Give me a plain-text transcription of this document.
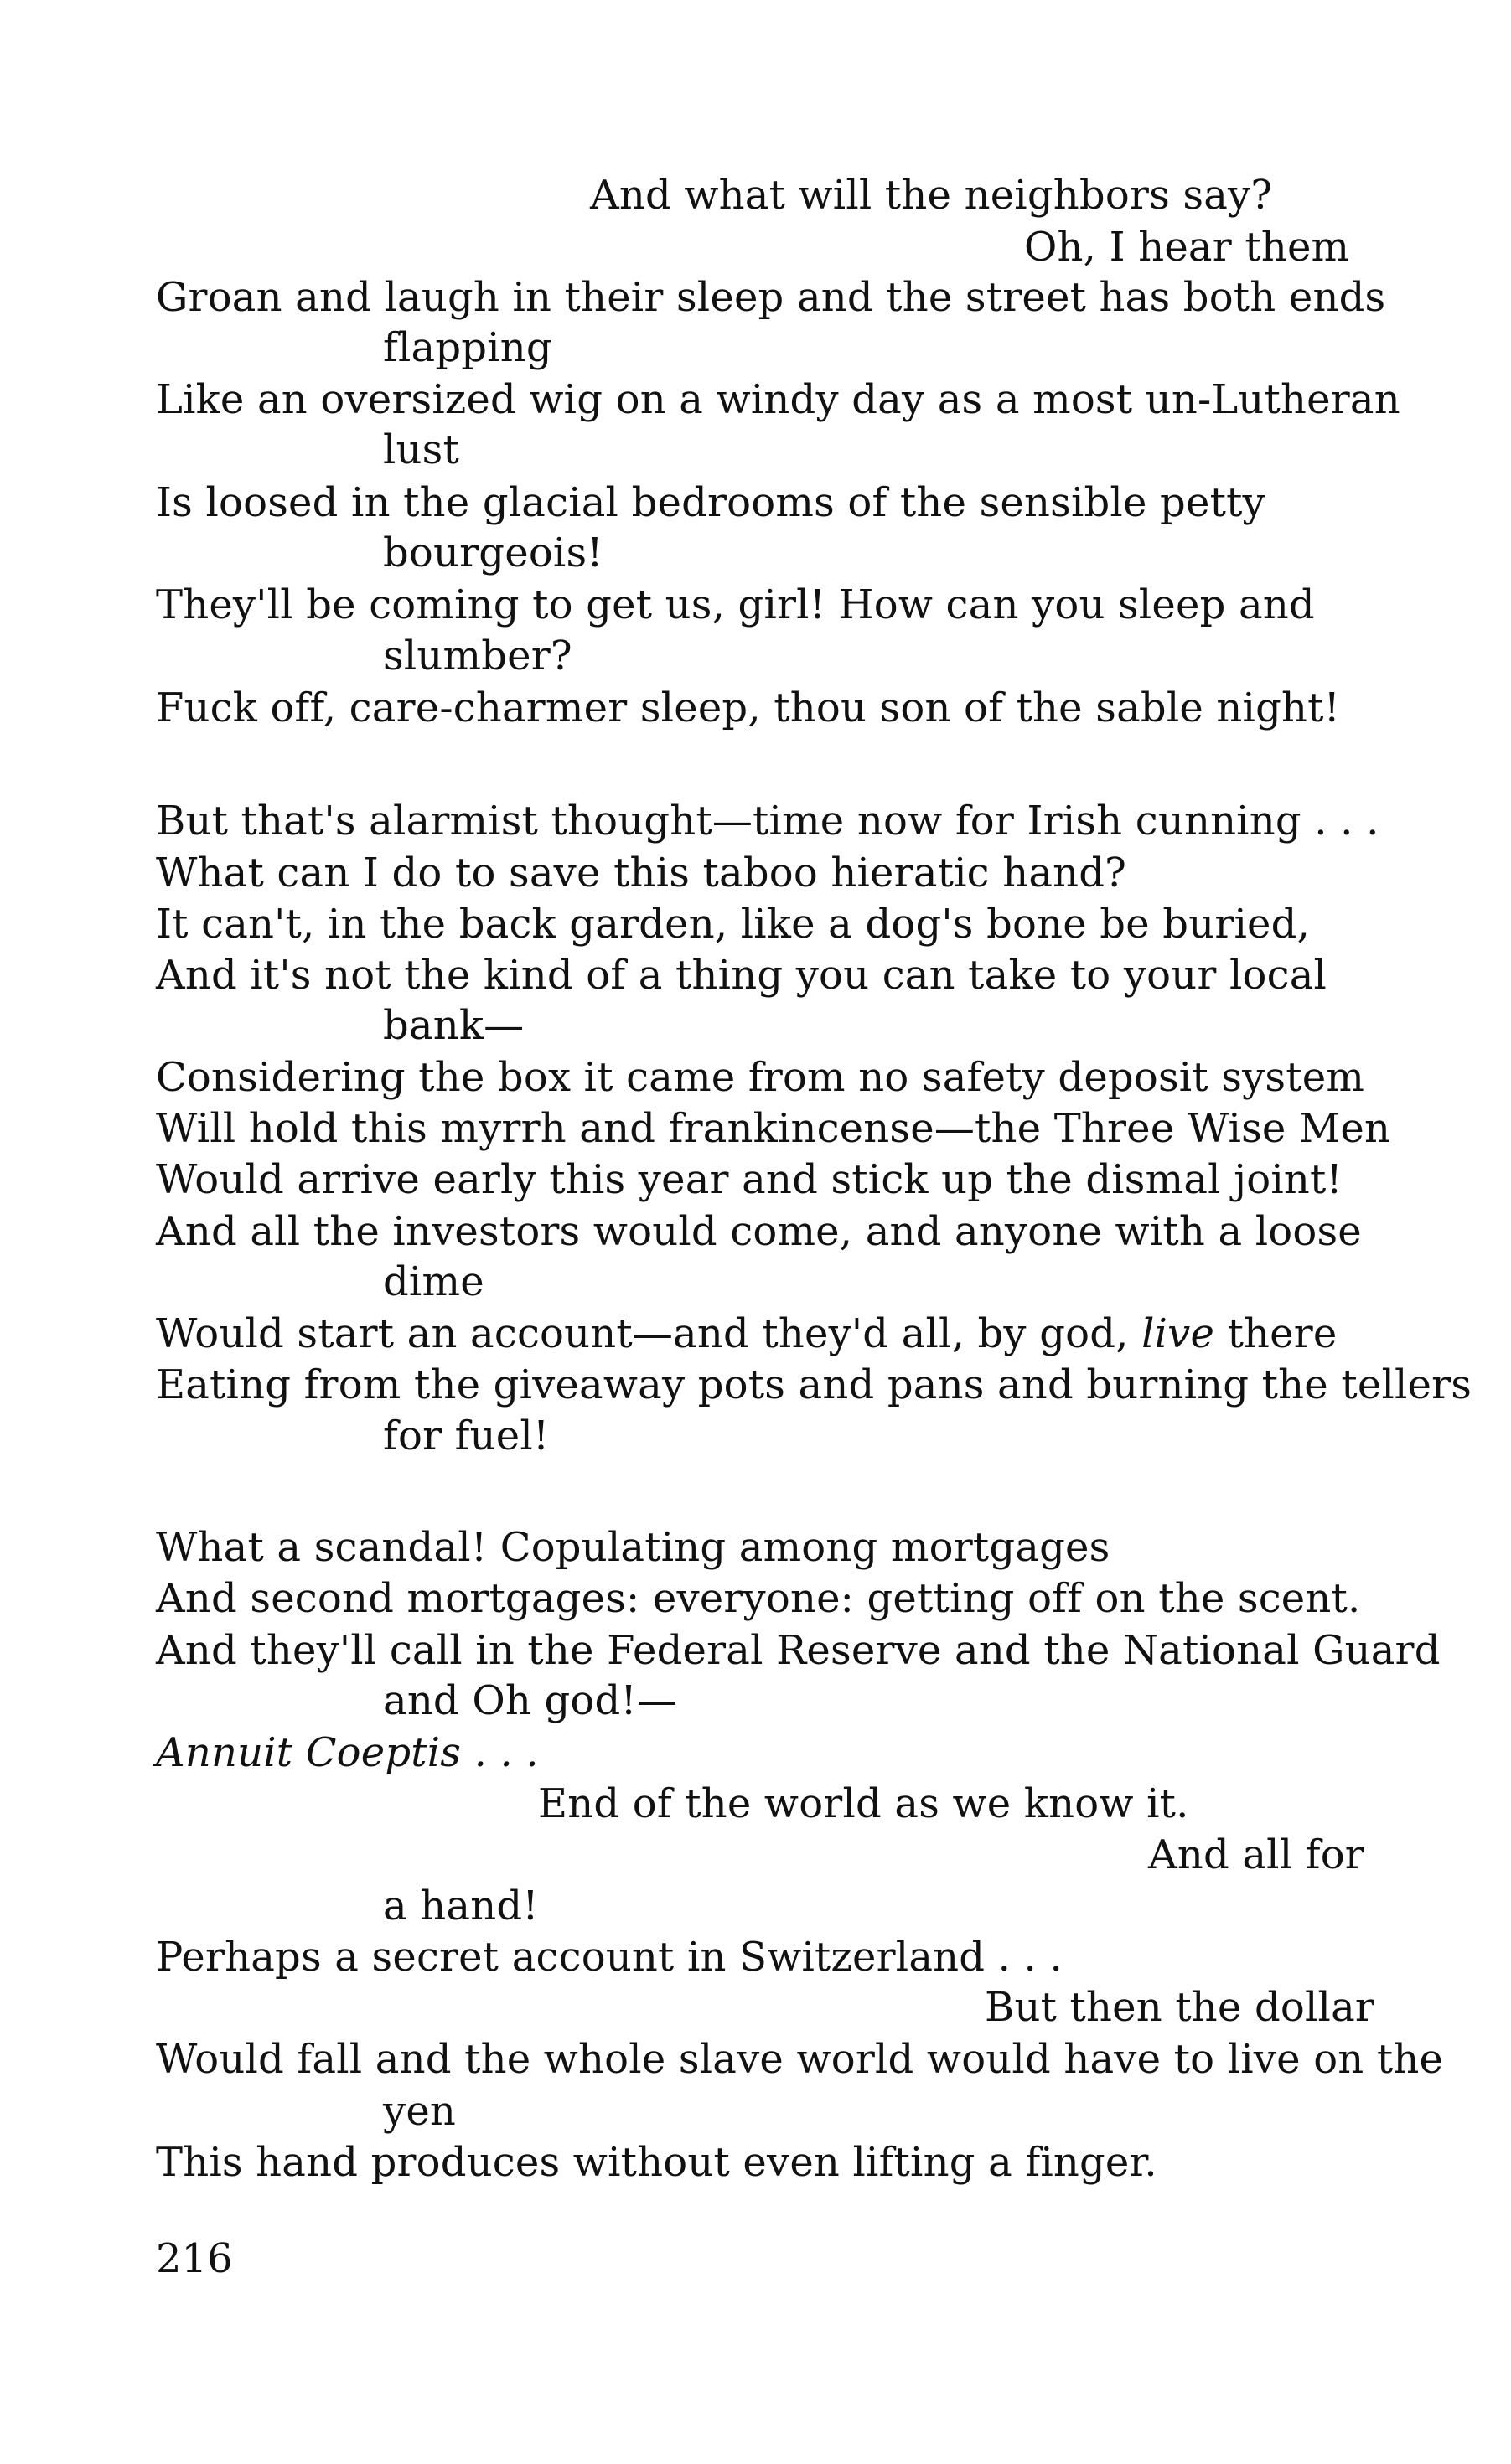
And what will the neighbors say?
Oh, I hear them
Groan and laugh in their sleep and the street has both ends
flapping
Like an oversized wig on a windy day as a most un-Lutheran
lust
Is loosed in the glacial bedrooms of the sensible petty
bourgeois!
They'll be coming to get us, girl! How can you sleep and
slumber?
Fuck off, care-charmer sleep, thou son of the sable night!
But that's alarmist thought—time now for Irish cunning . . .
What can I do to save this taboo hieratic hand?
It can't, in the back garden, like a dog's bone be buried,
And it's not the kind of a thing you can take to your local
bank—
Considering the box it came from no safety deposit system
Will hold this myrrh and frankincense—the Three Wise Men
Would arrive early this year and stick up the dismal joint!
And all the investors would come, and anyone with a loose
dime
Would start an account—and they'd all, by god, live there
Eating from the giveaway pots and pans and burning the tellers
for fuel!
What a scandal! Copulating among mortgages
And second mortgages: everyone: getting off on the scent.
And they'll call in the Federal Reserve and the National Guard
and Oh god!—
Annuit Coeptis . . .
End of the world as we know it.
And all for
a hand!
Perhaps a secret account in Switzerland . . .
But then the dollar
Would fall and the whole slave world would have to live on the
yen
This hand produces without even lifting a finger.
216
